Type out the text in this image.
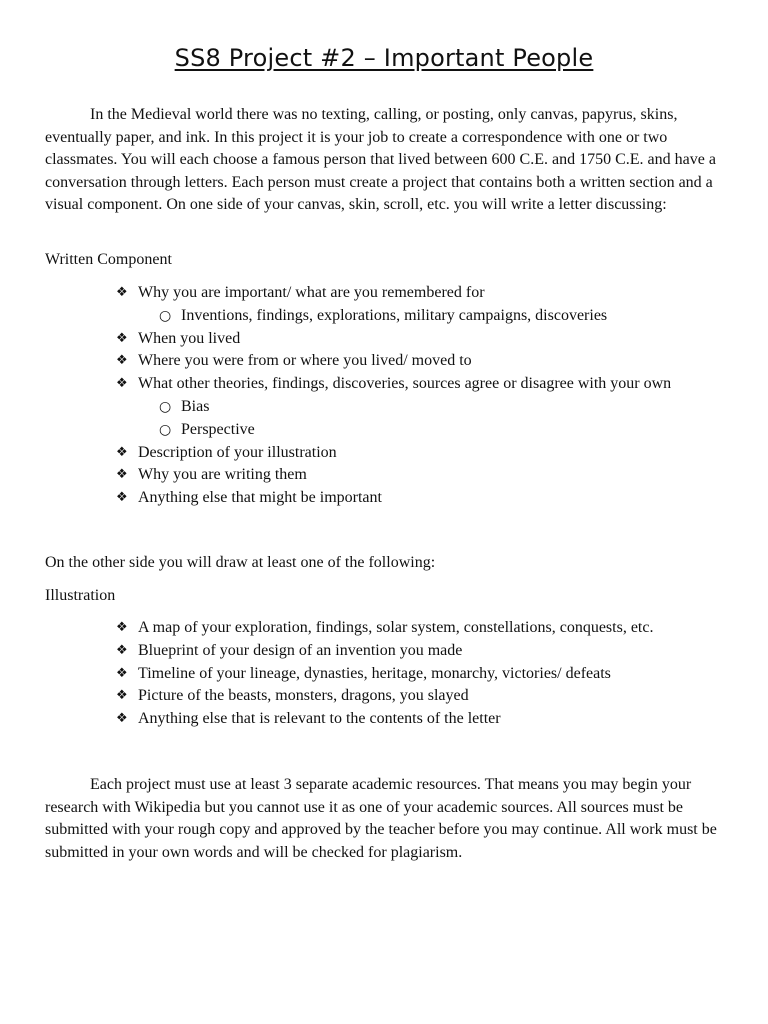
SS8 Project #2 – Important People

In the Medieval world there was no texting, calling, or posting, only canvas, papyrus, skins, eventually paper, and ink. In this project it is your job to create a correspondence with one or two classmates. You will each choose a famous person that lived between 600 C.E. and 1750 C.E. and have a conversation through letters. Each person must create a project that contains both a written section and a visual component. On one side of your canvas, skin, scroll, etc. you will write a letter discussing:

Written Component

❖ Why you are important/ what are you remembered for
○ Inventions, findings, explorations, military campaigns, discoveries
❖ When you lived
❖ Where you were from or where you lived/ moved to
❖ What other theories, findings, discoveries, sources agree or disagree with your own
○ Bias
○ Perspective
❖ Description of your illustration
❖ Why you are writing them
❖ Anything else that might be important

On the other side you will draw at least one of the following:

Illustration

❖ A map of your exploration, findings, solar system, constellations, conquests, etc.
❖ Blueprint of your design of an invention you made
❖ Timeline of your lineage, dynasties, heritage, monarchy, victories/ defeats
❖ Picture of the beasts, monsters, dragons, you slayed
❖ Anything else that is relevant to the contents of the letter

Each project must use at least 3 separate academic resources. That means you may begin your research with Wikipedia but you cannot use it as one of your academic sources. All sources must be submitted with your rough copy and approved by the teacher before you may continue. All work must be submitted in your own words and will be checked for plagiarism.
